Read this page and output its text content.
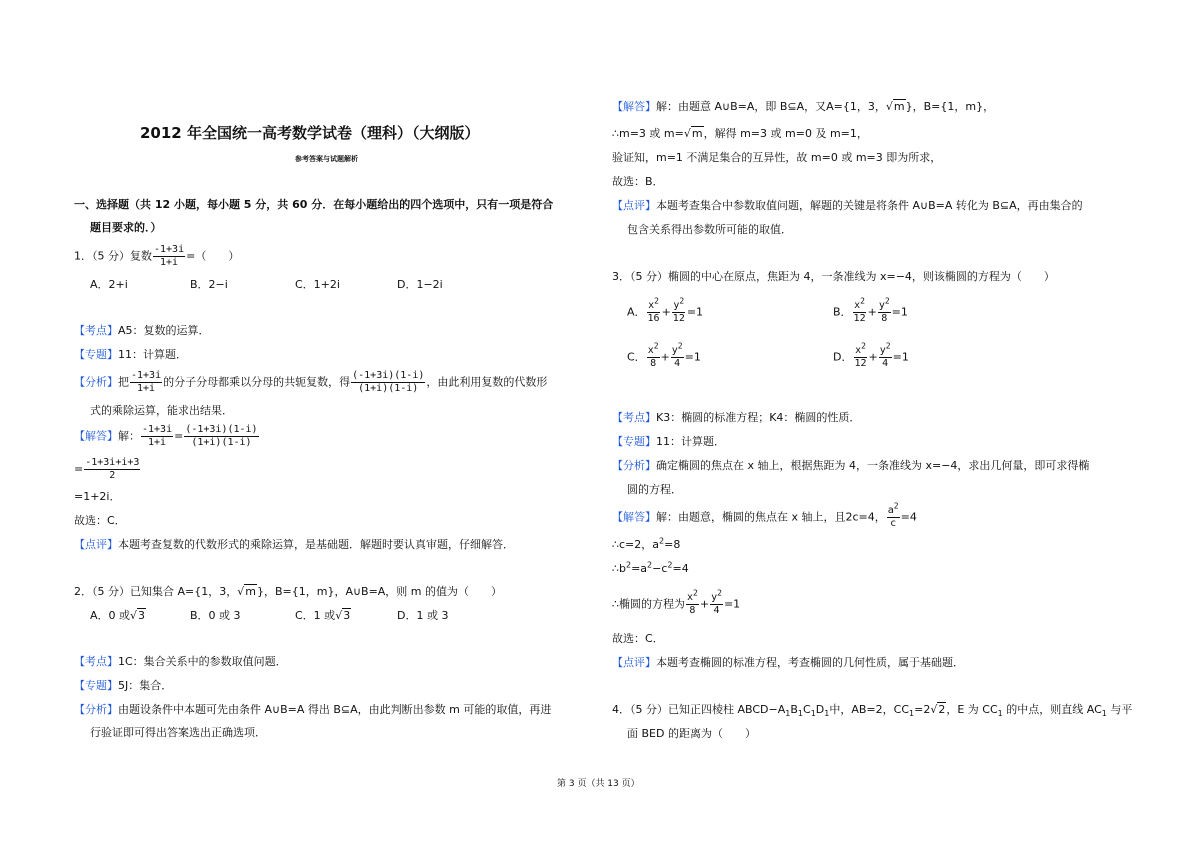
2012 年全国统一高考数学试卷（理科）（大纲版）
参考答案与试题解析
一、选择题（共 12 小题，每小题 5 分，共 60 分．在每小题给出的四个选项中，只有一项是符合
题目要求的．）
1．（5 分）复数 $\frac{-1+3i}{1+i}$ =（　　）
A．2+i	B．2−i	C．1+2i	D．1−2i
【考点】A5：复数的运算．
【专题】11：计算题．
【分析】把 $\frac{-1+3i}{1+i}$ 的分子分母都乘以分母的共轭复数，得 $\frac{(-1+3i)(1-i)}{(1+i)(1-i)}$ ，由此利用复数的代数形
式的乘除运算，能求出结果．
【解答】解： $\frac{-1+3i}{1+i} = \frac{(-1+3i)(1-i)}{(1+i)(1-i)}$
= $\frac{-1+3i+i+3}{2}$
=1+2i．
故选：C．
【点评】本题考查复数的代数形式的乘除运算，是基础题．解题时要认真审题，仔细解答．
2．（5 分）已知集合 A={1，3，√m}，B={1，m}，A∪B=A，则 m 的值为（　　）
A．0 或√3	B．0 或 3	C．1 或√3	D．1 或 3
【考点】1C：集合关系中的参数取值问题．
【专题】5J：集合．
【分析】由题设条件中本题可先由条件 A∪B=A 得出 B⊆A，由此判断出参数 m 可能的取值，再进
行验证即可得出答案选出正确选项．
【解答】解：由题意 A∪B=A，即 B⊆A，又A={1，3，√m}，B={1，m}，
∴m=3 或 m=√m，解得 m=3 或 m=0 及 m=1，
验证知，m=1 不满足集合的互异性，故 m=0 或 m=3 即为所求，
故选：B．
【点评】本题考查集合中参数取值问题，解题的关键是将条件 A∪B=A 转化为 B⊆A，再由集合的
包含关系得出参数所可能的取值．
3．（5 分）椭圆的中心在原点，焦距为 4，一条准线为 x=−4，则该椭圆的方程为（　　）
A． $\frac{x^2}{16} + \frac{y^2}{12} =1$	B． $\frac{x^2}{12} + \frac{y^2}{8} =1$
C． $\frac{x^2}{8} + \frac{y^2}{4} =1$	D． $\frac{x^2}{12} + \frac{y^2}{4} =1$
【考点】K3：椭圆的标准方程；K4：椭圆的性质．
【专题】11：计算题．
【分析】确定椭圆的焦点在 x 轴上，根据焦距为 4，一条准线为 x=−4，求出几何量，即可求得椭
圆的方程．
【解答】解：由题意，椭圆的焦点在 x 轴上，且2c=4， $\frac{a^2}{c} =4$
∴c=2，$a^2=8$
$\therefore b^2=a^2-c^2=4$
∴椭圆的方程为 $\frac{x^2}{8} + \frac{y^2}{4} =1$
故选：C．
【点评】本题考查椭圆的标准方程，考查椭圆的几何性质，属于基础题．
4．（5 分）已知正四棱柱 $ABCD-A_1B_1C_1D_1$中，AB=2，$CC_1=2√2$，E 为 $CC_1$ 的中点，则直线 $AC_1$ 与平
面 BED 的距离为（　　）
第 3 页（共 13 页）
